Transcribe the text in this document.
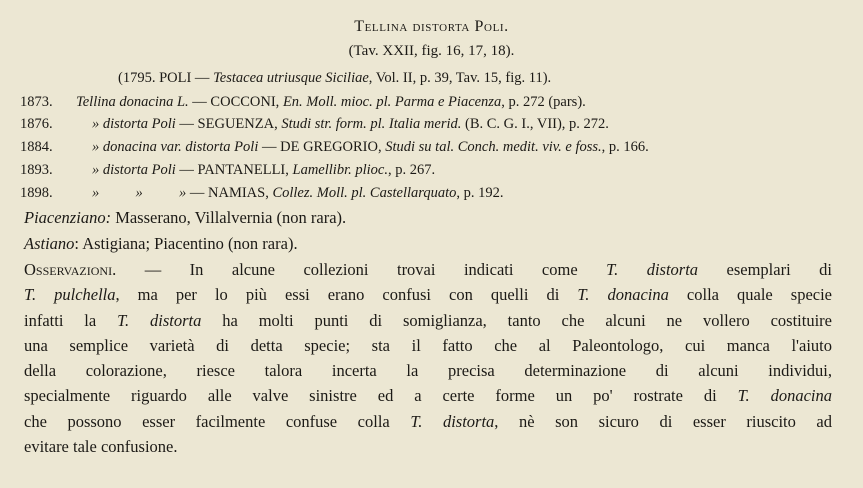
Tellina distorta Poli.
(Tav. XXII, fig. 16, 17, 18).
(1795. POLI — Testacea utriusque Siciliae, Vol. II, p. 39, Tav. 15, fig. 11).
1873.	Tellina donacina L. — COCCONI, En. Moll. mioc. pl. Parma e Piacenza, p. 272 (pars).
1876.	» distorta Poli — SEGUENZA, Studi str. form. pl. Italia merid. (B. C. G. I., VII), p. 272.
1884.	» donacina var. distorta Poli — DE GREGORIO, Studi su tal. Conch. medit. viv. e foss., p. 166.
1893.	» distorta Poli — PANTANELLI, Lamellibr. plioc., p. 267.
1898.	»          »          » — NAMIAS, Collez. Moll. pl. Castellarquato, p. 192.
Piacenziano: Masserano, Villalvernia (non rara).
Astiano: Astigiana; Piacentino (non rara).
Osservazioni. — In alcune collezioni trovai indicati come T. distorta esemplari di
T. pulchella, ma per lo più essi erano confusi con quelli di T. donacina colla quale specie
infatti la T. distorta ha molti punti di somiglianza, tanto che alcuni ne vollero costituire
una semplice varietà di detta specie; sta il fatto che al Paleontologo, cui manca l'aiuto
della colorazione, riesce talora incerta la precisa determinazione di alcuni individui,
specialmente riguardo alle valve sinistre ed a certe forme un po' rostrate di T. donacina
che possono esser facilmente confuse colla T. distorta, nè son sicuro di esser riuscito ad
evitare tale confusione.
